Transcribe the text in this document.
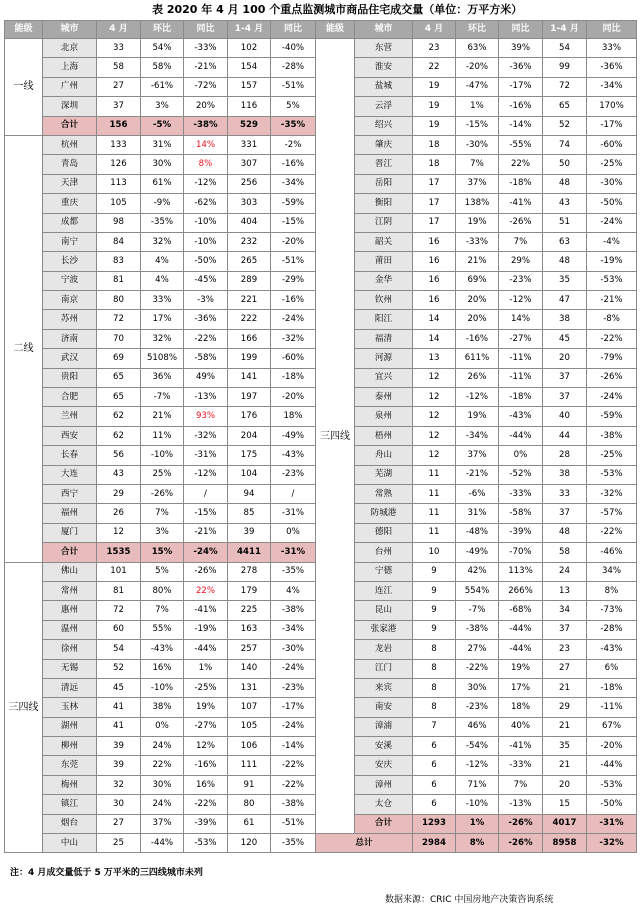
表 2020 年 4 月 100 个重点监测城市商品住宅成交量（单位：万平方米）
能级	城市	4 月	环比	同比	1-4 月	同比	能级	城市	4 月	环比	同比	1-4 月	同比
一线	北京	33	54%	-33%	102	-40%	三四线	东营	23	63%	39%	54	33%
	上海	58	58%	-21%	154	-28%		淮安	22	-20%	-36%	99	-36%
	广州	27	-61%	-72%	157	-51%		盐城	19	-47%	-17%	72	-34%
	深圳	37	3%	20%	116	5%		云浮	19	1%	-16%	65	170%
	合计	156	-5%	-38%	529	-35%		绍兴	19	-15%	-14%	52	-17%
二线	杭州	133	31%	14%	331	-2%		肇庆	18	-30%	-55%	74	-60%
	青岛	126	30%	8%	307	-16%		晋江	18	7%	22%	50	-25%
	天津	113	61%	-12%	256	-34%		岳阳	17	37%	-18%	48	-30%
	重庆	105	-9%	-62%	303	-59%		衡阳	17	138%	-41%	43	-50%
	成都	98	-35%	-10%	404	-15%		江阴	17	19%	-26%	51	-24%
	南宁	84	32%	-10%	232	-20%		韶关	16	-33%	7%	63	-4%
	长沙	83	4%	-50%	265	-51%		莆田	16	21%	29%	48	-19%
	宁波	81	4%	-45%	289	-29%		金华	16	69%	-23%	35	-53%
	南京	80	33%	-3%	221	-16%		钦州	16	20%	-12%	47	-21%
	苏州	72	17%	-36%	222	-24%		阳江	14	20%	14%	38	-8%
	济南	70	32%	-22%	166	-32%		福清	14	-16%	-27%	45	-22%
	武汉	69	5108%	-58%	199	-60%		河源	13	611%	-11%	20	-79%
	贵阳	65	36%	49%	141	-18%		宜兴	12	26%	-11%	37	-26%
	合肥	65	-7%	-13%	197	-20%		泰州	12	-12%	-18%	37	-24%
	兰州	62	21%	93%	176	18%		泉州	12	19%	-43%	40	-59%
	西安	62	11%	-32%	204	-49%		梧州	12	-34%	-44%	44	-38%
	长春	56	-10%	-31%	175	-43%		舟山	12	37%	0%	28	-25%
	大连	43	25%	-12%	104	-23%		芜湖	11	-21%	-52%	38	-53%
	西宁	29	-26%	/	94	/		常熟	11	-6%	-33%	33	-32%
	福州	26	7%	-15%	85	-31%		防城港	11	31%	-58%	37	-57%
	厦门	12	3%	-21%	39	0%		德阳	11	-48%	-39%	48	-22%
	合计	1535	15%	-24%	4411	-31%		台州	10	-49%	-70%	58	-46%
三四线	佛山	101	5%	-26%	278	-35%		宁德	9	42%	113%	24	34%
	常州	81	80%	22%	179	4%		连江	9	554%	266%	13	8%
	惠州	72	7%	-41%	225	-38%		昆山	9	-7%	-68%	34	-73%
	温州	60	55%	-19%	163	-34%		张家港	9	-38%	-44%	37	-28%
	徐州	54	-43%	-44%	257	-30%		龙岩	8	27%	-44%	23	-43%
	无锡	52	16%	1%	140	-24%		江门	8	-22%	19%	27	6%
	清远	45	-10%	-25%	131	-23%		来宾	8	30%	17%	21	-18%
	玉林	41	38%	19%	107	-17%		南安	8	-23%	18%	29	-11%
	湖州	41	0%	-27%	105	-24%		漳浦	7	46%	40%	21	67%
	柳州	39	24%	12%	106	-14%		安溪	6	-54%	-41%	35	-20%
	东莞	39	22%	-16%	111	-22%		安庆	6	-12%	-33%	21	-44%
	梅州	32	30%	16%	91	-22%		漳州	6	71%	7%	20	-53%
	镇江	30	24%	-22%	80	-38%		太仓	6	-10%	-13%	15	-50%
	烟台	27	37%	-39%	61	-51%		合计	1293	1%	-26%	4017	-31%
	中山	25	-44%	-53%	120	-35%	总计		2984	8%	-26%	8958	-32%
注：4 月成交量低于 5 万平米的三四线城市未列
数据来源：CRIC 中国房地产决策咨询系统
